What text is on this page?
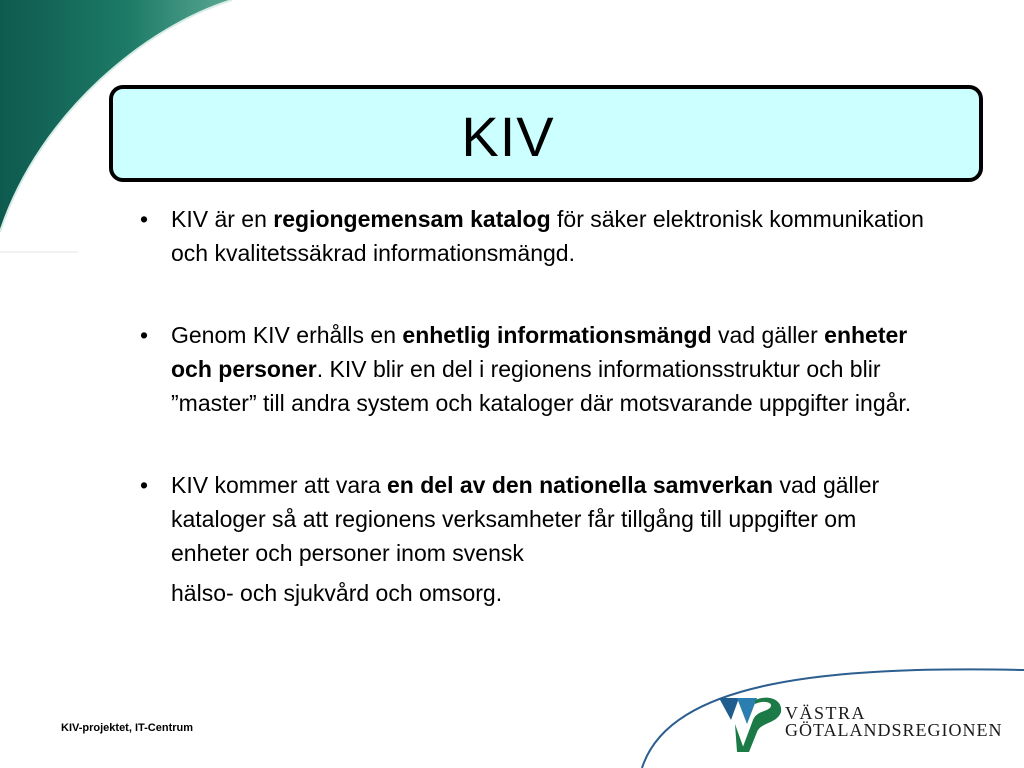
KIV
• KIV är en regiongemensam katalog för säker elektronisk kommunikation och kvalitetssäkrad informationsmängd.
• Genom KIV erhålls en enhetlig informationsmängd vad gäller enheter och personer. KIV blir en del i regionens informationsstruktur och blir ”master” till andra system och kataloger där motsvarande uppgifter ingår.
• KIV kommer att vara en del av den nationella samverkan vad gäller kataloger så att regionens verksamheter får tillgång till uppgifter om enheter och personer inom svensk
hälso- och sjukvård och omsorg.
KIV-projektet, IT-Centrum
VÄSTRA
GÖTALANDSREGIONEN
